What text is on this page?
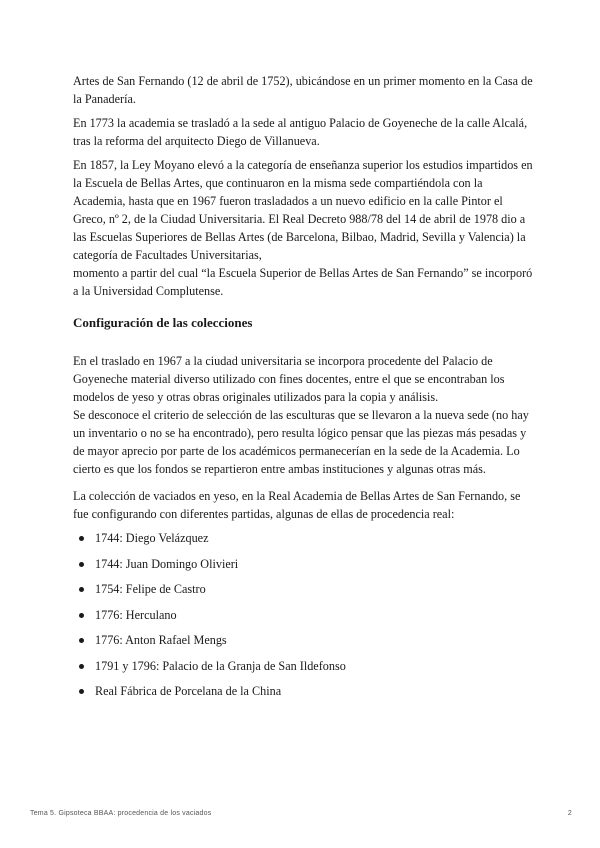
Artes de San Fernando (12 de abril de 1752), ubicándose en un primer momento en la Casa de la Panadería.

En 1773 la academia se trasladó a la sede al antiguo Palacio de Goyeneche de la calle Alcalá, tras la reforma del arquitecto Diego de Villanueva.

En 1857, la Ley Moyano elevó a la categoría de enseñanza superior los estudios impartidos en la Escuela de Bellas Artes, que continuaron en la misma sede compartiéndola con la Academia, hasta que en 1967 fueron trasladados a un nuevo edificio en la calle Pintor el Greco, nº 2, de la Ciudad Universitaria. El Real Decreto 988/78 del 14 de abril de 1978 dio a las Escuelas Superiores de Bellas Artes (de Barcelona, Bilbao, Madrid, Sevilla y Valencia) la categoría de Facultades Universitarias,

momento a partir del cual “la Escuela Superior de Bellas Artes de San Fernando” se incorporó a la Universidad Complutense.

Configuración de las colecciones

En el traslado en 1967 a la ciudad universitaria se incorpora procedente del Palacio de Goyeneche material diverso utilizado con fines docentes, entre el que se encontraban los modelos de yeso y otras obras originales utilizados para la copia y análisis.

Se desconoce el criterio de selección de las esculturas que se llevaron a la nueva sede (no hay un inventario o no se ha encontrado), pero resulta lógico pensar que las piezas más pesadas y de mayor aprecio por parte de los académicos permanecerían en la sede de la Academia. Lo cierto es que los fondos se repartieron entre ambas instituciones y algunas otras más.

La colección de vaciados en yeso, en la Real Academia de Bellas Artes de San Fernando, se fue configurando con diferentes partidas, algunas de ellas de procedencia real:

1744: Diego Velázquez
1744: Juan Domingo Olivieri
1754: Felipe de Castro
1776: Herculano
1776: Anton Rafael Mengs
1791 y 1796: Palacio de la Granja de San Ildefonso
Real Fábrica de Porcelana de la China
Tema 5. Gipsoteca BBAA: procedencia de los vaciados	2
